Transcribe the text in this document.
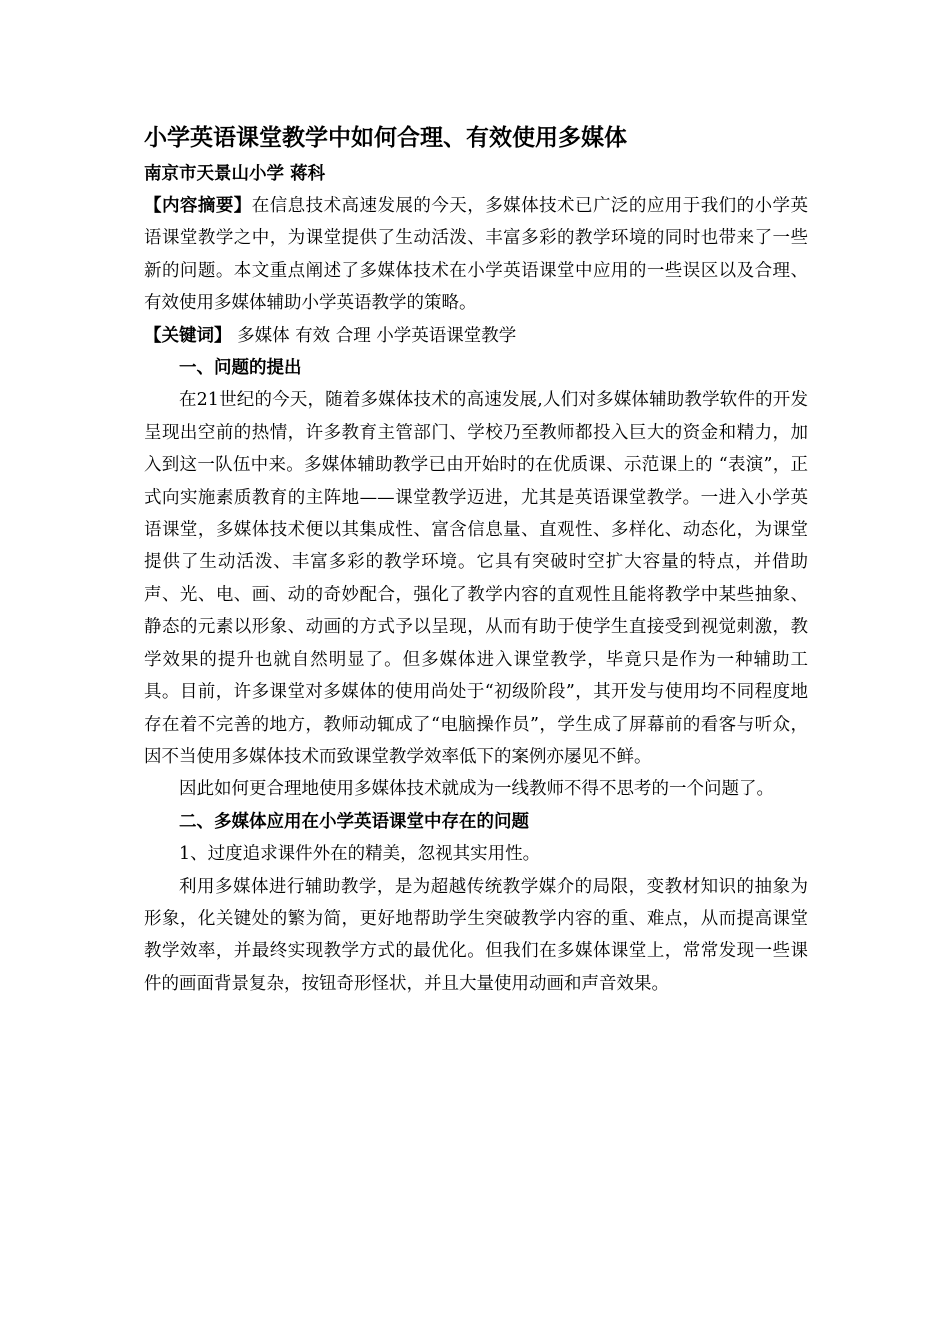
小学英语课堂教学中如何合理、有效使用多媒体

南京市天景山小学 蒋科

【内容摘要】在信息技术高速发展的今天，多媒体技术已广泛的应用于我们的小学英语课堂教学之中，为课堂提供了生动活泼、丰富多彩的教学环境的同时也带来了一些新的问题。本文重点阐述了多媒体技术在小学英语课堂中应用的一些误区以及合理、有效使用多媒体辅助小学英语教学的策略。

【关键词】 多媒体 有效 合理 小学英语课堂教学

一、问题的提出

在21世纪的今天，随着多媒体技术的高速发展,人们对多媒体辅助教学软件的开发呈现出空前的热情，许多教育主管部门、学校乃至教师都投入巨大的资金和精力，加入到这一队伍中来。多媒体辅助教学已由开始时的在优质课、示范课上的 “表演”，正式向实施素质教育的主阵地——课堂教学迈进，尤其是英语课堂教学。一进入小学英语课堂，多媒体技术便以其集成性、富含信息量、直观性、多样化、动态化，为课堂提供了生动活泼、丰富多彩的教学环境。它具有突破时空扩大容量的特点，并借助声、光、电、画、动的奇妙配合，强化了教学内容的直观性且能将教学中某些抽象、静态的元素以形象、动画的方式予以呈现，从而有助于使学生直接受到视觉刺激，教学效果的提升也就自然明显了。但多媒体进入课堂教学，毕竟只是作为一种辅助工具。目前，许多课堂对多媒体的使用尚处于“初级阶段”，其开发与使用均不同程度地存在着不完善的地方，教师动辄成了“电脑操作员”，学生成了屏幕前的看客与听众，因不当使用多媒体技术而致课堂教学效率低下的案例亦屡见不鲜。

因此如何更合理地使用多媒体技术就成为一线教师不得不思考的一个问题了。

二、多媒体应用在小学英语课堂中存在的问题

1、过度追求课件外在的精美，忽视其实用性。

利用多媒体进行辅助教学，是为超越传统教学媒介的局限，变教材知识的抽象为形象，化关键处的繁为简，更好地帮助学生突破教学内容的重、难点，从而提高课堂教学效率，并最终实现教学方式的最优化。但我们在多媒体课堂上，常常发现一些课件的画面背景复杂，按钮奇形怪状，并且大量使用动画和声音效果。
